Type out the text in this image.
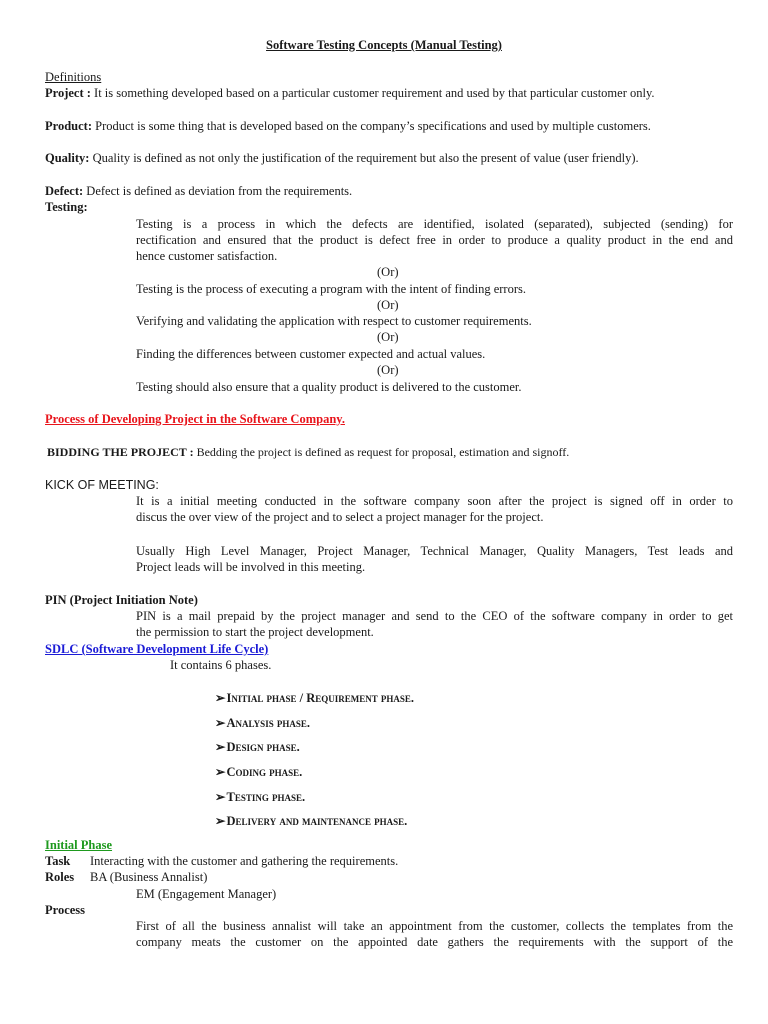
Software Testing Concepts (Manual Testing)
Definitions
Project : It is something developed based on a particular customer requirement and used by that particular customer only.
Product: Product is some thing that is developed based on the company’s specifications and used by multiple customers.
Quality: Quality is defined as not only the justification of the requirement but also the present of value (user friendly).
Defect: Defect is defined as deviation from the requirements.
Testing:
Testing is a process in which the defects are identified, isolated (separated), subjected (sending) for
rectification and ensured that the product is defect free in order to produce a quality product in the end and
hence customer satisfaction.
(Or)
Testing is the process of executing a program with the intent of finding errors.
(Or)
Verifying and validating the application with respect to customer requirements.
(Or)
Finding the differences between customer expected and actual values.
(Or)
Testing should also ensure that a quality product is delivered to the customer.
Process of Developing Project in the Software Company.
BIDDING THE PROJECT : Bedding the project is defined as request for proposal, estimation and signoff.
KICK OF MEETING:
It is a initial meeting conducted in the software company soon after the project is signed off in order to
discus the over view of the project and to select a project manager for the project.
Usually High Level Manager, Project Manager, Technical Manager, Quality Managers, Test leads and
Project leads will be involved in this meeting.
PIN (Project Initiation Note)
PIN is a mail prepaid by the project manager and send to the CEO of the software company in order to get
the permission to start the project development.
SDLC (Software Development Life Cycle)
It contains 6 phases.
➢Initial phase / Requirement phase.
➢Analysis phase.
➢Design phase.
➢Coding phase.
➢Testing phase.
➢Delivery and maintenance phase.
Initial Phase
Task Interacting with the customer and gathering the requirements.
Roles BA (Business Annalist)
EM (Engagement Manager)
Process
First of all the business annalist will take an appointment from the customer, collects the templates from the
company meats the customer on the appointed date gathers the requirements with the support of the
